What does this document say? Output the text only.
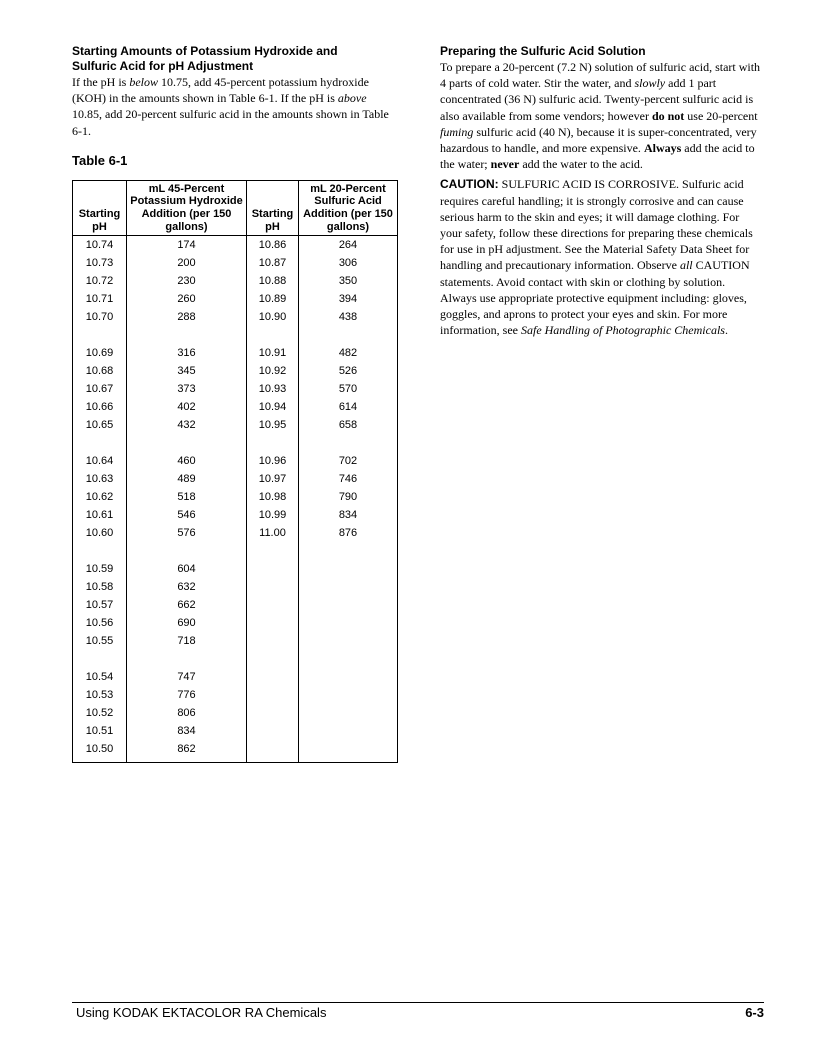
Starting Amounts of Potassium Hydroxide and
Sulfuric Acid for pH Adjustment

If the pH is below 10.75, add 45-percent potassium hydroxide (KOH) in the amounts shown in Table 6-1. If the pH is above 10.85, add 20-percent sulfuric acid in the amounts shown in Table 6-1.

Table 6-1
Starting pH	mL 45-Percent Potassium Hydroxide Addition (per 150 gallons)	Starting pH	mL 20-Percent Sulfuric Acid Addition (per 150 gallons)
10.74	174	10.86	264
10.73	200	10.87	306
10.72	230	10.88	350
10.71	260	10.89	394
10.70	288	10.90	438

10.69	316	10.91	482
10.68	345	10.92	526
10.67	373	10.93	570
10.66	402	10.94	614
10.65	432	10.95	658

10.64	460	10.96	702
10.63	489	10.97	746
10.62	518	10.98	790
10.61	546	10.99	834
10.60	576	11.00	876

10.59	604		
10.58	632		
10.57	662		
10.56	690		
10.55	718		

10.54	747		
10.53	776		
10.52	806		
10.51	834		
10.50	862		

Preparing the Sulfuric Acid Solution

To prepare a 20-percent (7.2 N) solution of sulfuric acid, start with 4 parts of cold water. Stir the water, and slowly add 1 part concentrated (36 N) sulfuric acid. Twenty-percent sulfuric acid is also available from some vendors; however do not use 20-percent fuming sulfuric acid (40 N), because it is super-concentrated, very hazardous to handle, and more expensive. Always add the acid to the water; never add the water to the acid.

CAUTION: SULFURIC ACID IS CORROSIVE. Sulfuric acid requires careful handling; it is strongly corrosive and can cause serious harm to the skin and eyes; it will damage clothing. For your safety, follow these directions for preparing these chemicals for use in pH adjustment. See the Material Safety Data Sheet for handling and precautionary information. Observe all CAUTION statements. Avoid contact with skin or clothing by solution. Always use appropriate protective equipment including: gloves, goggles, and aprons to protect your eyes and skin. For more information, see Safe Handling of Photographic Chemicals.

Using KODAK EKTACOLOR RA Chemicals	6-3
